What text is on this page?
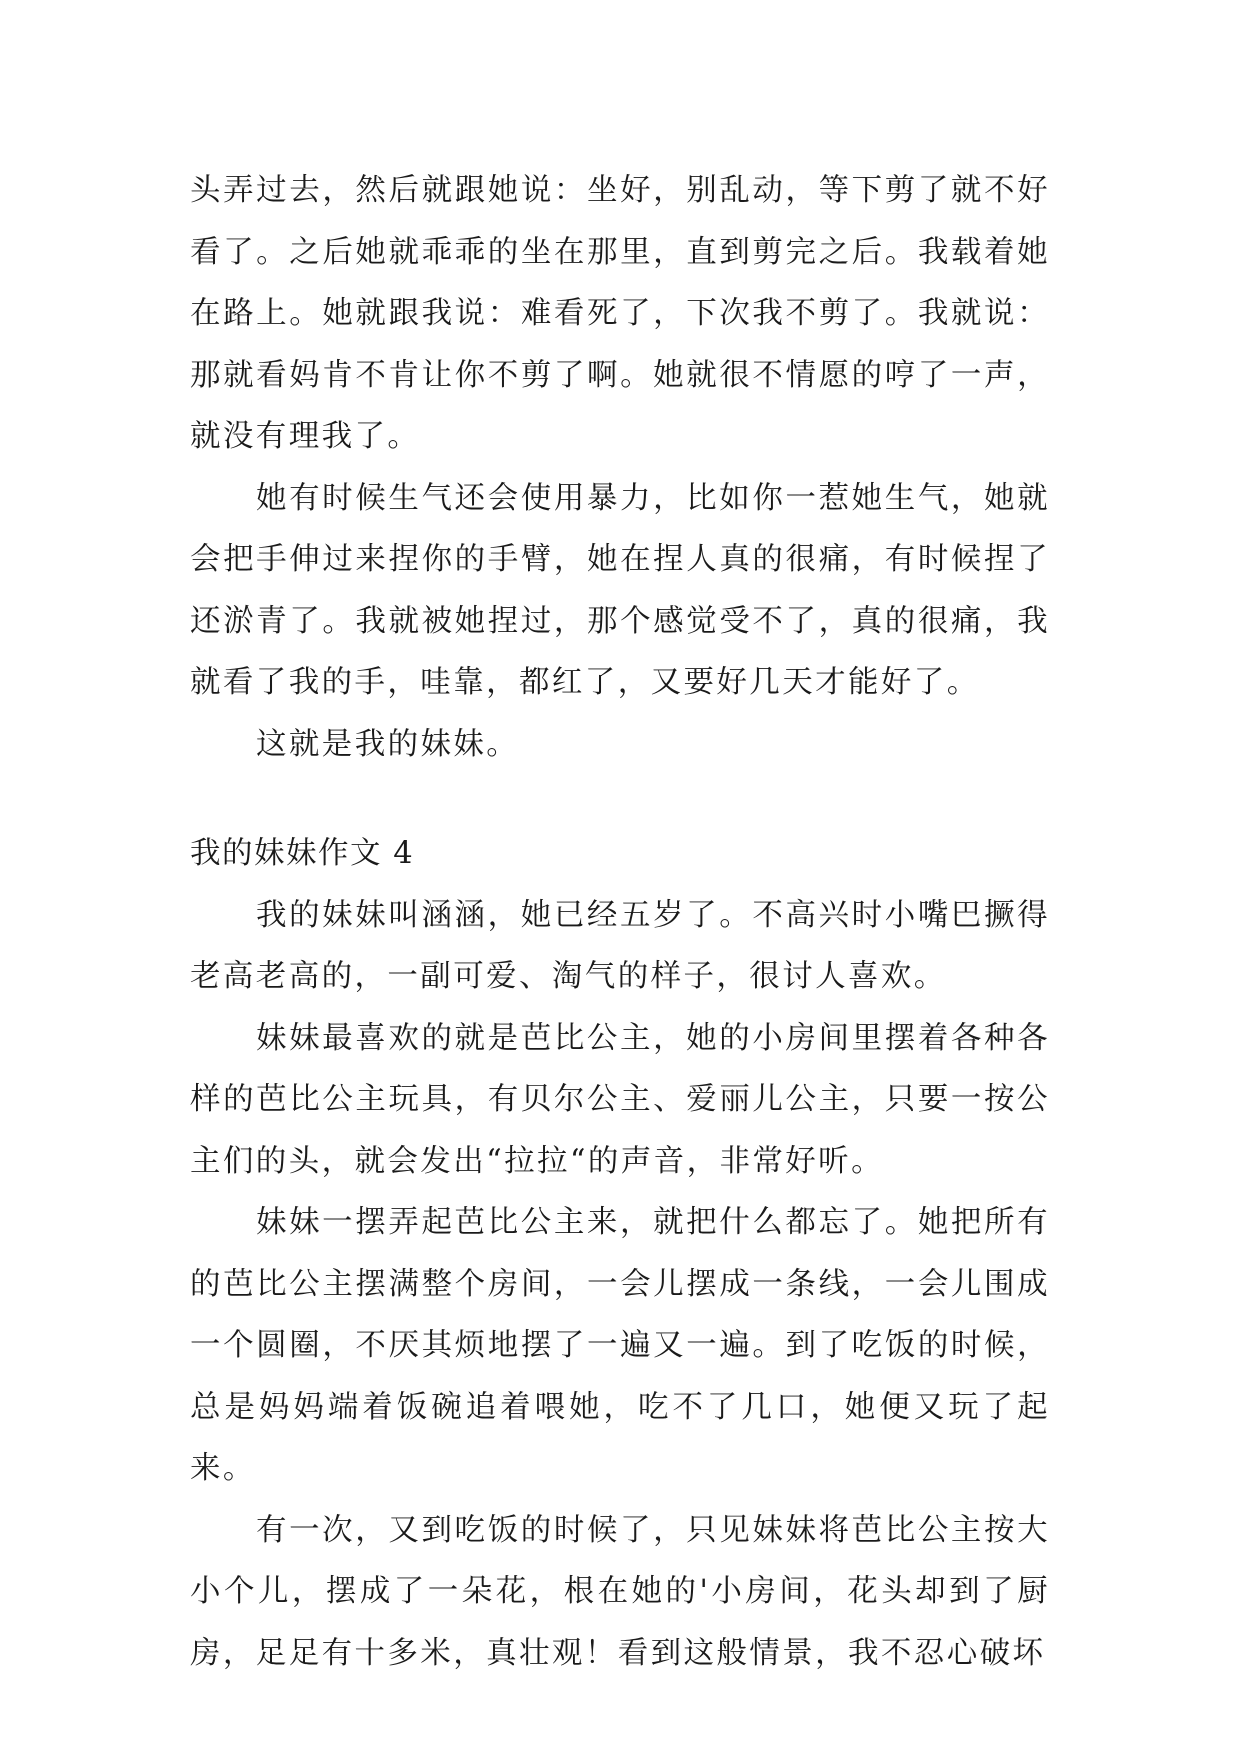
头弄过去，然后就跟她说：坐好，别乱动，等下剪了就不好看了。之后她就乖乖的坐在那里，直到剪完之后。我载着她在路上。她就跟我说：难看死了，下次我不剪了。我就说：那就看妈肯不肯让你不剪了啊。她就很不情愿的哼了一声，就没有理我了。

她有时候生气还会使用暴力，比如你一惹她生气，她就会把手伸过来捏你的手臂，她在捏人真的很痛，有时候捏了还淤青了。我就被她捏过，那个感觉受不了，真的很痛，我就看了我的手，哇靠，都红了，又要好几天才能好了。

这就是我的妹妹。

我的妹妹作文 4

我的妹妹叫涵涵，她已经五岁了。不高兴时小嘴巴撅得老高老高的，一副可爱、淘气的样子，很讨人喜欢。

妹妹最喜欢的就是芭比公主，她的小房间里摆着各种各样的芭比公主玩具，有贝尔公主、爱丽儿公主，只要一按公主们的头，就会发出“拉拉“的声音，非常好听。

妹妹一摆弄起芭比公主来，就把什么都忘了。她把所有的芭比公主摆满整个房间，一会儿摆成一条线，一会儿围成一个圆圈，不厌其烦地摆了一遍又一遍。到了吃饭的时候，总是妈妈端着饭碗追着喂她，吃不了几口，她便又玩了起来。

有一次，又到吃饭的时候了，只见妹妹将芭比公主按大小个儿，摆成了一朵花，根在她的'小房间，花头却到了厨房，足足有十多米，真壮观！看到这般情景，我不忍心破坏
